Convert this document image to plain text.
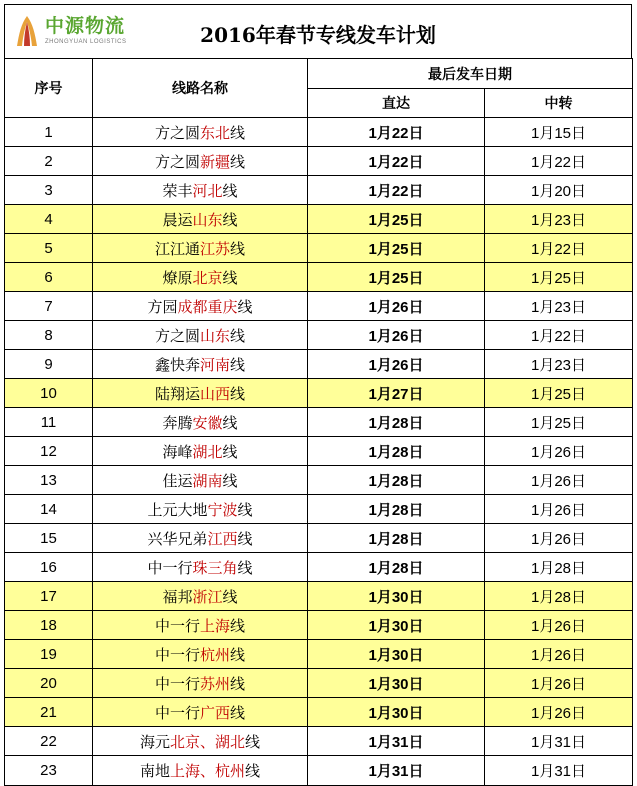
中源物流
ZHONGYUAN LOGISTICS	2016年春节专线发车计划
序号	线路名称	最后发车日期	
		直达	中转
1	方之圆东北线	1月22日	1月15日
2	方之圆新疆线	1月22日	1月22日
3	荣丰河北线	1月22日	1月20日
4	晨运山东线	1月25日	1月23日
5	江江通江苏线	1月25日	1月22日
6	燎原北京线	1月25日	1月25日
7	方园成都重庆线	1月26日	1月23日
8	方之圆山东线	1月26日	1月22日
9	鑫快奔河南线	1月26日	1月23日
10	陆翔运山西线	1月27日	1月25日
11	奔腾安徽线	1月28日	1月25日
12	海峰湖北线	1月28日	1月26日
13	佳运湖南线	1月28日	1月26日
14	上元大地宁波线	1月28日	1月26日
15	兴华兄弟江西线	1月28日	1月26日
16	中一行珠三角线	1月28日	1月28日
17	福邦浙江线	1月30日	1月28日
18	中一行上海线	1月30日	1月26日
19	中一行杭州线	1月30日	1月26日
20	中一行苏州线	1月30日	1月26日
21	中一行广西线	1月30日	1月26日
22	海元北京、湖北线	1月31日	1月31日
23	南地上海、杭州线	1月31日	1月31日
